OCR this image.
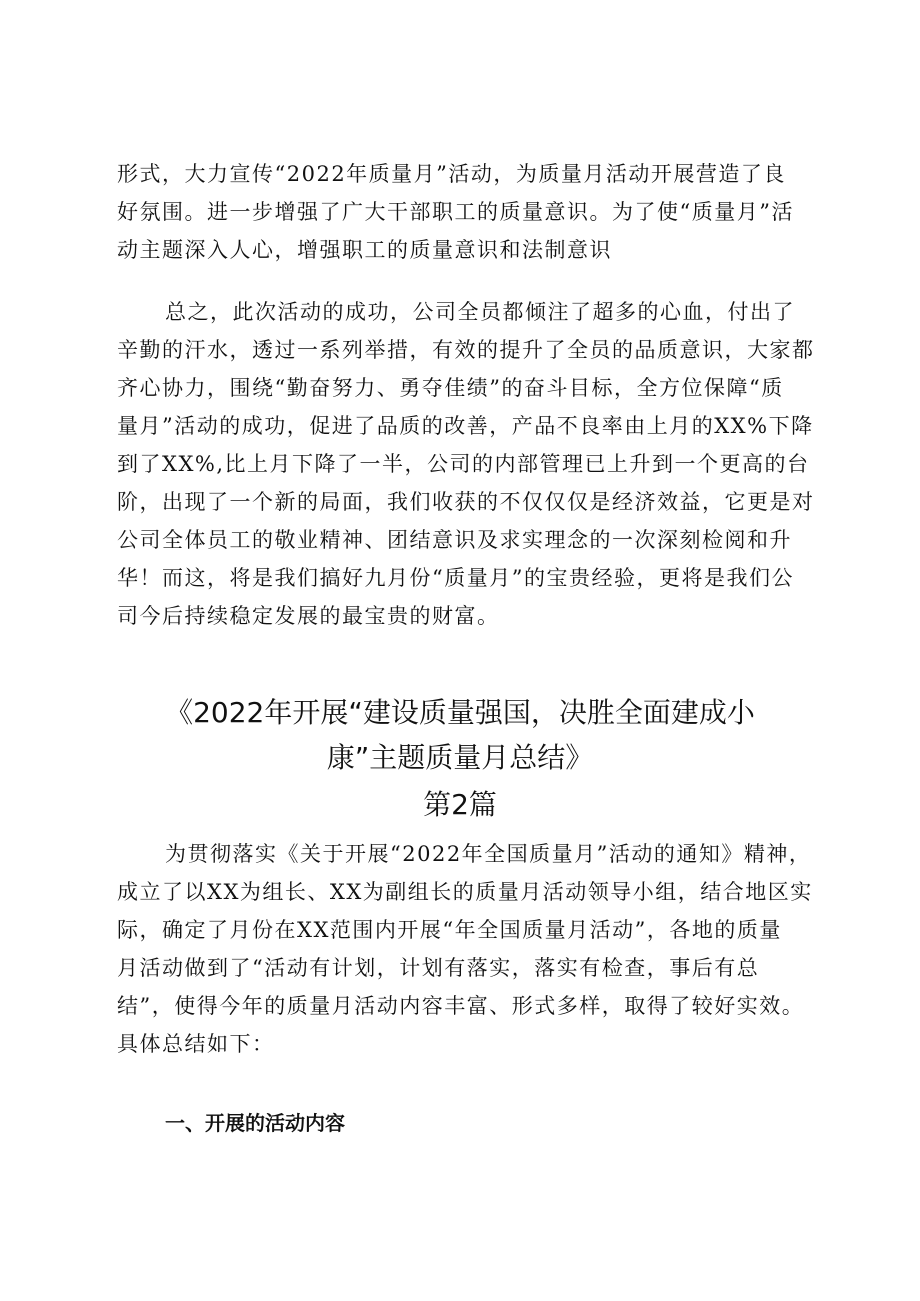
形式，大力宣传“2022年质量月”活动，为质量月活动开展营造了良
好氛围。进一步增强了广大干部职工的质量意识。为了使“质量月”活
动主题深入人心，增强职工的质量意识和法制意识
总之，此次活动的成功，公司全员都倾注了超多的心血，付出了
辛勤的汗水，透过一系列举措，有效的提升了全员的品质意识，大家都
齐心协力，围绕“勤奋努力、勇夺佳绩”的奋斗目标，全方位保障“质
量月”活动的成功，促进了品质的改善，产品不良率由上月的XX%下降
到了XX%,比上月下降了一半，公司的内部管理已上升到一个更高的台
阶，出现了一个新的局面，我们收获的不仅仅仅是经济效益，它更是对
公司全体员工的敬业精神、团结意识及求实理念的一次深刻检阅和升
华！而这，将是我们搞好九月份“质量月”的宝贵经验，更将是我们公
司今后持续稳定发展的最宝贵的财富。
《2022年开展“建设质量强国，决胜全面建成小
康”主题质量月总结》
第2篇
为贯彻落实《关于开展“2022年全国质量月”活动的通知》精神，
成立了以XX为组长、XX为副组长的质量月活动领导小组，结合地区实
际，确定了月份在XX范围内开展“年全国质量月活动”，各地的质量
月活动做到了“活动有计划，计划有落实，落实有检查，事后有总
结”，使得今年的质量月活动内容丰富、形式多样，取得了较好实效。
具体总结如下：
一、开展的活动内容
